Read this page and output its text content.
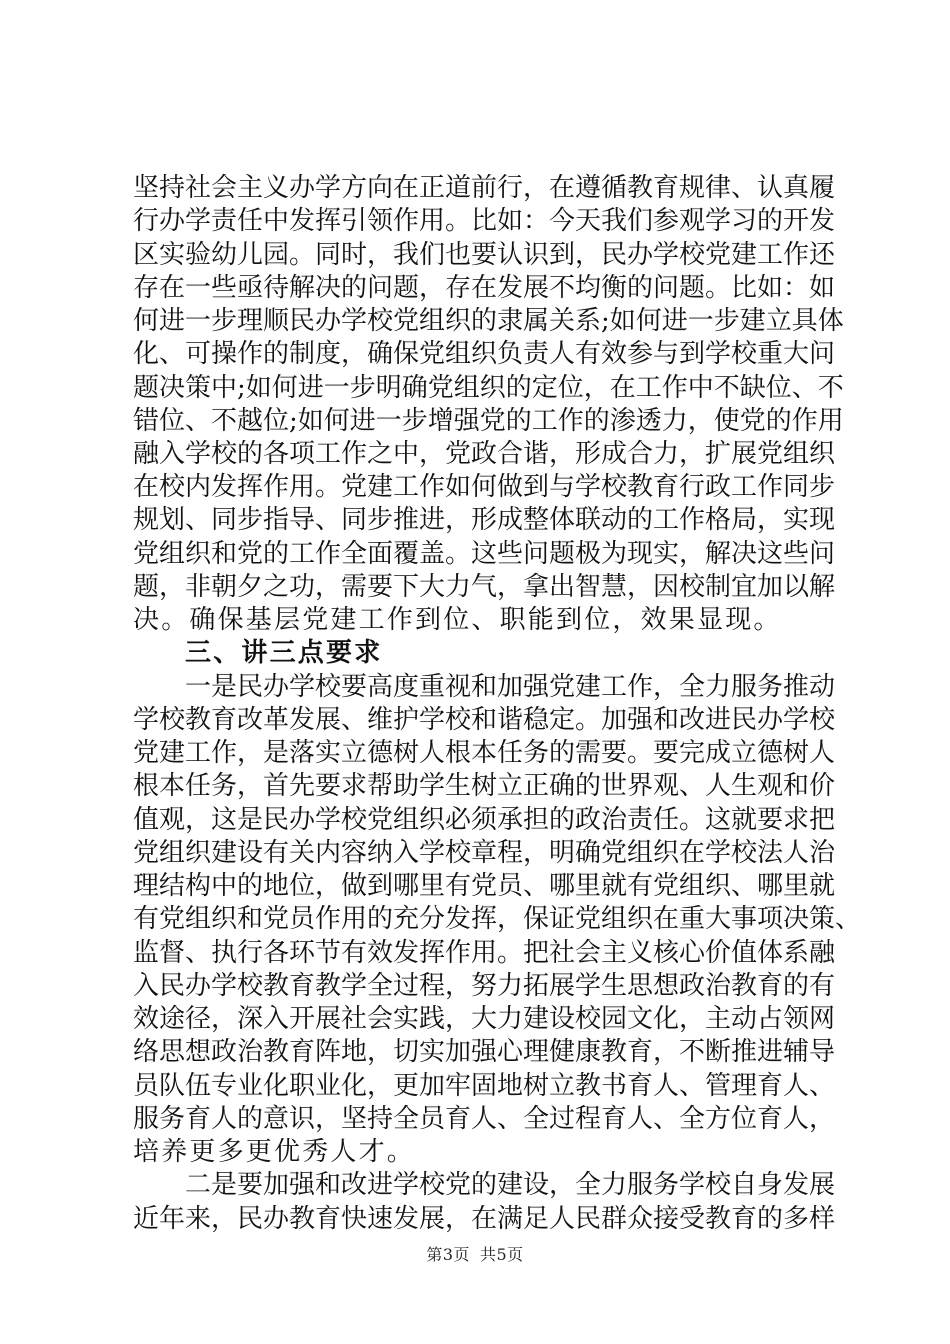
坚持社会主义办学方向在正道前行，在遵循教育规律、认真履
行办学责任中发挥引领作用。比如：今天我们参观学习的开发
区实验幼儿园。同时，我们也要认识到，民办学校党建工作还
存在一些亟待解决的问题，存在发展不均衡的问题。比如：如
何进一步理顺民办学校党组织的隶属关系;如何进一步建立具体
化、可操作的制度，确保党组织负责人有效参与到学校重大问
题决策中;如何进一步明确党组织的定位，在工作中不缺位、不
错位、不越位;如何进一步增强党的工作的渗透力，使党的作用
融入学校的各项工作之中，党政合谐，形成合力，扩展党组织
在校内发挥作用。党建工作如何做到与学校教育行政工作同步
规划、同步指导、同步推进，形成整体联动的工作格局，实现
党组织和党的工作全面覆盖。这些问题极为现实，解决这些问
题，非朝夕之功，需要下大力气，拿出智慧，因校制宜加以解
决。确保基层党建工作到位、职能到位，效果显现。
三、讲三点要求
一是民办学校要高度重视和加强党建工作，全力服务推动
学校教育改革发展、维护学校和谐稳定。加强和改进民办学校
党建工作，是落实立德树人根本任务的需要。要完成立德树人
根本任务，首先要求帮助学生树立正确的世界观、人生观和价
值观，这是民办学校党组织必须承担的政治责任。这就要求把
党组织建设有关内容纳入学校章程，明确党组织在学校法人治
理结构中的地位，做到哪里有党员、哪里就有党组织、哪里就
有党组织和党员作用的充分发挥，保证党组织在重大事项决策、
监督、执行各环节有效发挥作用。把社会主义核心价值体系融
入民办学校教育教学全过程，努力拓展学生思想政治教育的有
效途径，深入开展社会实践，大力建设校园文化，主动占领网
络思想政治教育阵地，切实加强心理健康教育，不断推进辅导
员队伍专业化职业化，更加牢固地树立教书育人、管理育人、
服务育人的意识，坚持全员育人、全过程育人、全方位育人，
培养更多更优秀人才。
二是要加强和改进学校党的建设，全力服务学校自身发展
近年来，民办教育快速发展，在满足人民群众接受教育的多样
第3页 共5页
